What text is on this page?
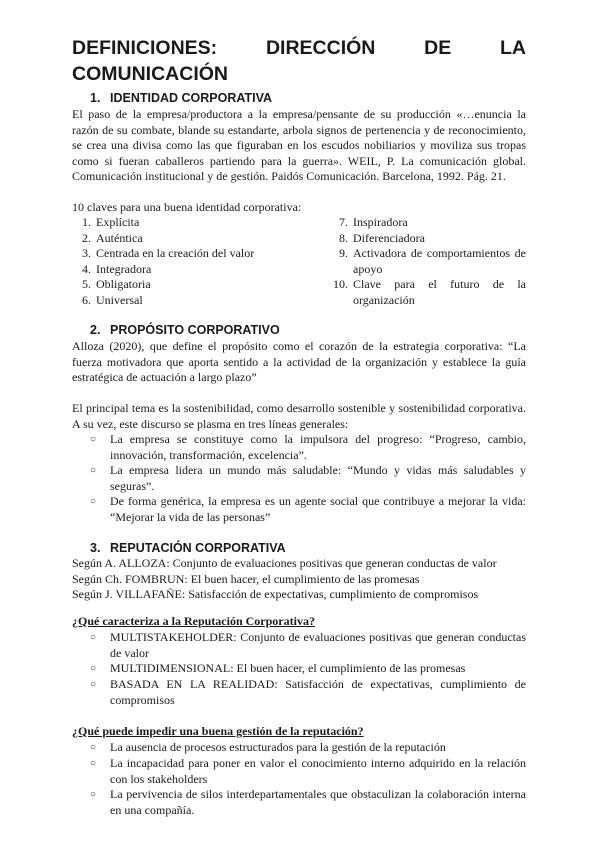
DEFINICIONES: DIRECCIÓN DE LA
COMUNICACIÓN
1. IDENTIDAD CORPORATIVA
El paso de la empresa/productora a la empresa/pensante de su producción «…enuncia la
razón de su combate, blande su estandarte, arbola signos de pertenencia y de reconocimiento,
se crea una divisa como las que figuraban en los escudos nobiliarios y moviliza sus tropas
como si fueran caballeros partiendo para la guerra». WEIL, P. La comunicación global.
Comunicación institucional y de gestión. Paidós Comunicación. Barcelona, 1992. Pág. 21.
10 claves para una buena identidad corporativa:
1. Explícita
2. Auténtica
3. Centrada en la creación del valor
4. Integradora
5. Obligatoria
6. Universal
7. Inspiradora
8. Diferenciadora
9. Activadora de comportamientos de
apoyo
10. Clave para el futuro de la
organización
2. PROPÓSITO CORPORATIVO
Alloza (2020), que define el propósito como el corazón de la estrategia corporativa: “La
fuerza motivadora que aporta sentido a la actividad de la organización y establece la guía
estratégica de actuación a largo plazo”
El principal tema es la sostenibilidad, como desarrollo sostenible y sostenibilidad corporativa.
A su vez, este discurso se plasma en tres líneas generales:
○ La empresa se constituye como la impulsora del progreso: “Progreso, cambio,
innovación, transformación, excelencia”.
○ La empresa lidera un mundo más saludable: “Mundo y vidas más saludables y
seguras”.
○ De forma genérica, la empresa es un agente social que contribuye a mejorar la vida:
“Mejorar la vida de las personas”
3. REPUTACIÓN CORPORATIVA
Según A. ALLOZA: Conjunto de evaluaciones positivas que generan conductas de valor
Según Ch. FOMBRUN: El buen hacer, el cumplimiento de las promesas
Según J. VILLAFAÑE: Satisfacción de expectativas, cumplimiento de compromisos
¿Qué caracteriza a la Reputación Corporativa?
○ MULTISTAKEHOLDER: Conjunto de evaluaciones positivas que generan conductas
de valor
○ MULTIDIMENSIONAL: El buen hacer, el cumplimiento de las promesas
○ BASADA EN LA REALIDAD: Satisfacción de expectativas, cumplimiento de
compromisos
¿Qué puede impedir una buena gestión de la reputación?
○ La ausencia de procesos estructurados para la gestión de la reputación
○ La incapacidad para poner en valor el conocimiento interno adquirido en la relación
con los stakeholders
○ La pervivencia de silos interdepartamentales que obstaculizan la colaboración interna
en una compañía.
